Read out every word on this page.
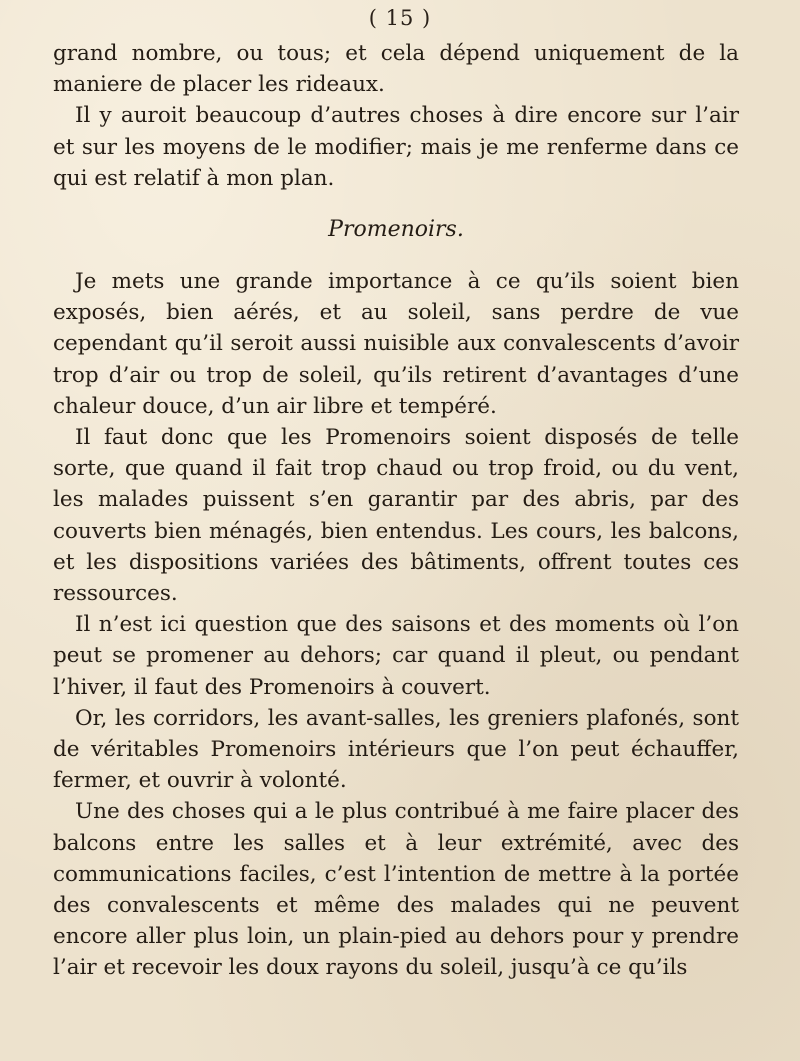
( 15 )

grand nombre, ou tous; et cela dépend uniquement de la maniere de placer les rideaux.

Il y auroit beaucoup d’autres choses à dire encore sur l’air et sur les moyens de le modifier; mais je me renferme dans ce qui est relatif à mon plan.

Promenoirs.

Je mets une grande importance à ce qu’ils soient bien exposés, bien aérés, et au soleil, sans perdre de vue cependant qu’il seroit aussi nuisible aux convalescents d’avoir trop d’air ou trop de soleil, qu’ils retirent d’avantages d’une chaleur douce, d’un air libre et tempéré.

Il faut donc que les Promenoirs soient disposés de telle sorte, que quand il fait trop chaud ou trop froid, ou du vent, les malades puissent s’en garantir par des abris, par des couverts bien ménagés, bien entendus. Les cours, les balcons, et les dispositions variées des bâtiments, offrent toutes ces ressources.

Il n’est ici question que des saisons et des moments où l’on peut se promener au dehors; car quand il pleut, ou pendant l’hiver, il faut des Promenoirs à couvert.

Or, les corridors, les avant-salles, les greniers plafonés, sont de véritables Promenoirs intérieurs que l’on peut échauffer, fermer, et ouvrir à volonté.

Une des choses qui a le plus contribué à me faire placer des balcons entre les salles et à leur extrémité, avec des communications faciles, c’est l’intention de mettre à la portée des convalescents et même des malades qui ne peuvent encore aller plus loin, un plain-pied au dehors pour y prendre l’air et recevoir les doux rayons du soleil, jusqu’à ce qu’ils
